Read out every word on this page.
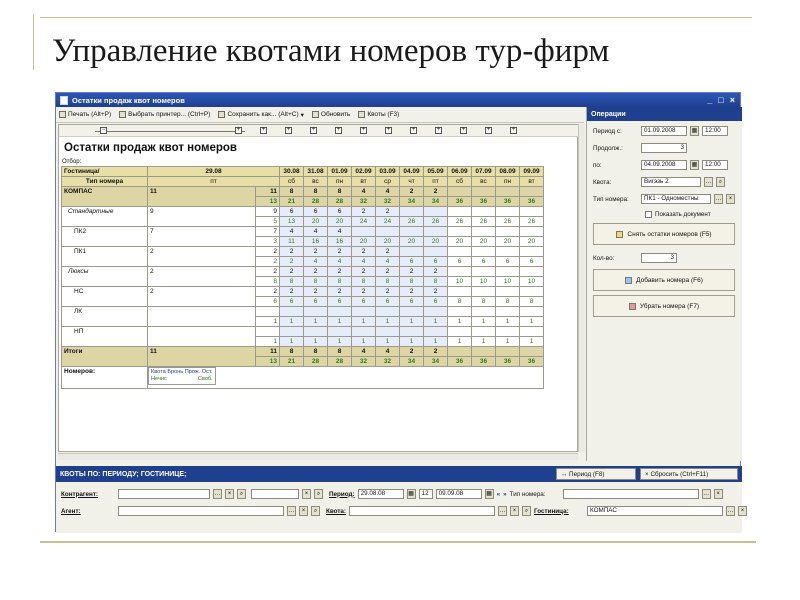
Управление квотами номеров тур-фирм
Остатки продаж квот номеров	_ □ ×
Печать (Alt+P)	Выбрать принтер... (Ctrl+P)	Сохранить как... (Alt+C) ▾	Обновить	Квоты (F3)
−	+	+	+	+	+	+	+	+	+	+	+	+
Остатки продаж квот номеров
Отбор:
Гостиница/	29.08		30.08	31.08	01.09	02.09	03.09	04.09	05.09	06.09	07.09	08.09	09.09
Тип номера	пт		сб	вс	пн	вт	ср	чт	пт	сб	вс	пн	вт
КОМПАС	11	11	8	8	8	4	4	2	2				
		13	21	28	28	32	32	34	34	36	36	36	36
Стандартные	9	9	6	6	6	2	2						
		5	13	20	20	24	24	26	26	26	26	26	26
ПК2	7	7	4	4	4								
		3	11	16	16	20	20	20	20	20	20	20	20
ПК1	2	2	2	2	2	2	2						
		2	2	4	4	4	4	6	6	6	6	6	6
Люксы	2	2	2	2	2	2	2	2	2				
		8	8	8	8	8	8	8	8	10	10	10	10
НС	2	2	2	2	2	2	2	2	2				
		6	6	6	6	6	6	6	6	8	8	8	8
ЛК													
		1	1	1	1	1	1	1	1	1	1	1	1
НП													
		1	1	1	1	1	1	1	1	1	1	1	1
Итоги	11	11	8	8	8	4	4	2	2				
		13	21	28	28	32	32	34	34	36	36	36	36
Номеров:	Квота Бронь Прож. Ост.
Нечис                    Своб.												
Операции
Период с:	01.09.2008	▦	12:00
Продолж.:	3
по:	04.09.2008	▦	12:00
Квота:	Вигэзь 2	…	⌕
Тип номера:	ПК1 - Одноместны	…	×
Показать документ
Снять остатки номеров (F5)
Кол-во:	3
Добавить номера (F6)
Убрать номера (F7)
КВОТЫ ПО: ПЕРИОДУ; ГОСТИНИЦЕ;	↔ Период (F8)	× Сбросить (Ctrl+F11)
Контрагент:	…	×	⌕	×	⌕	Период: 29.08.08	▦	12	09.09.08	▦ « » Тип номера:	…	×
Агент:	…	×	⌕	Квота:	…	×	⌕ Гостиница:	КОМПАС	…	×
